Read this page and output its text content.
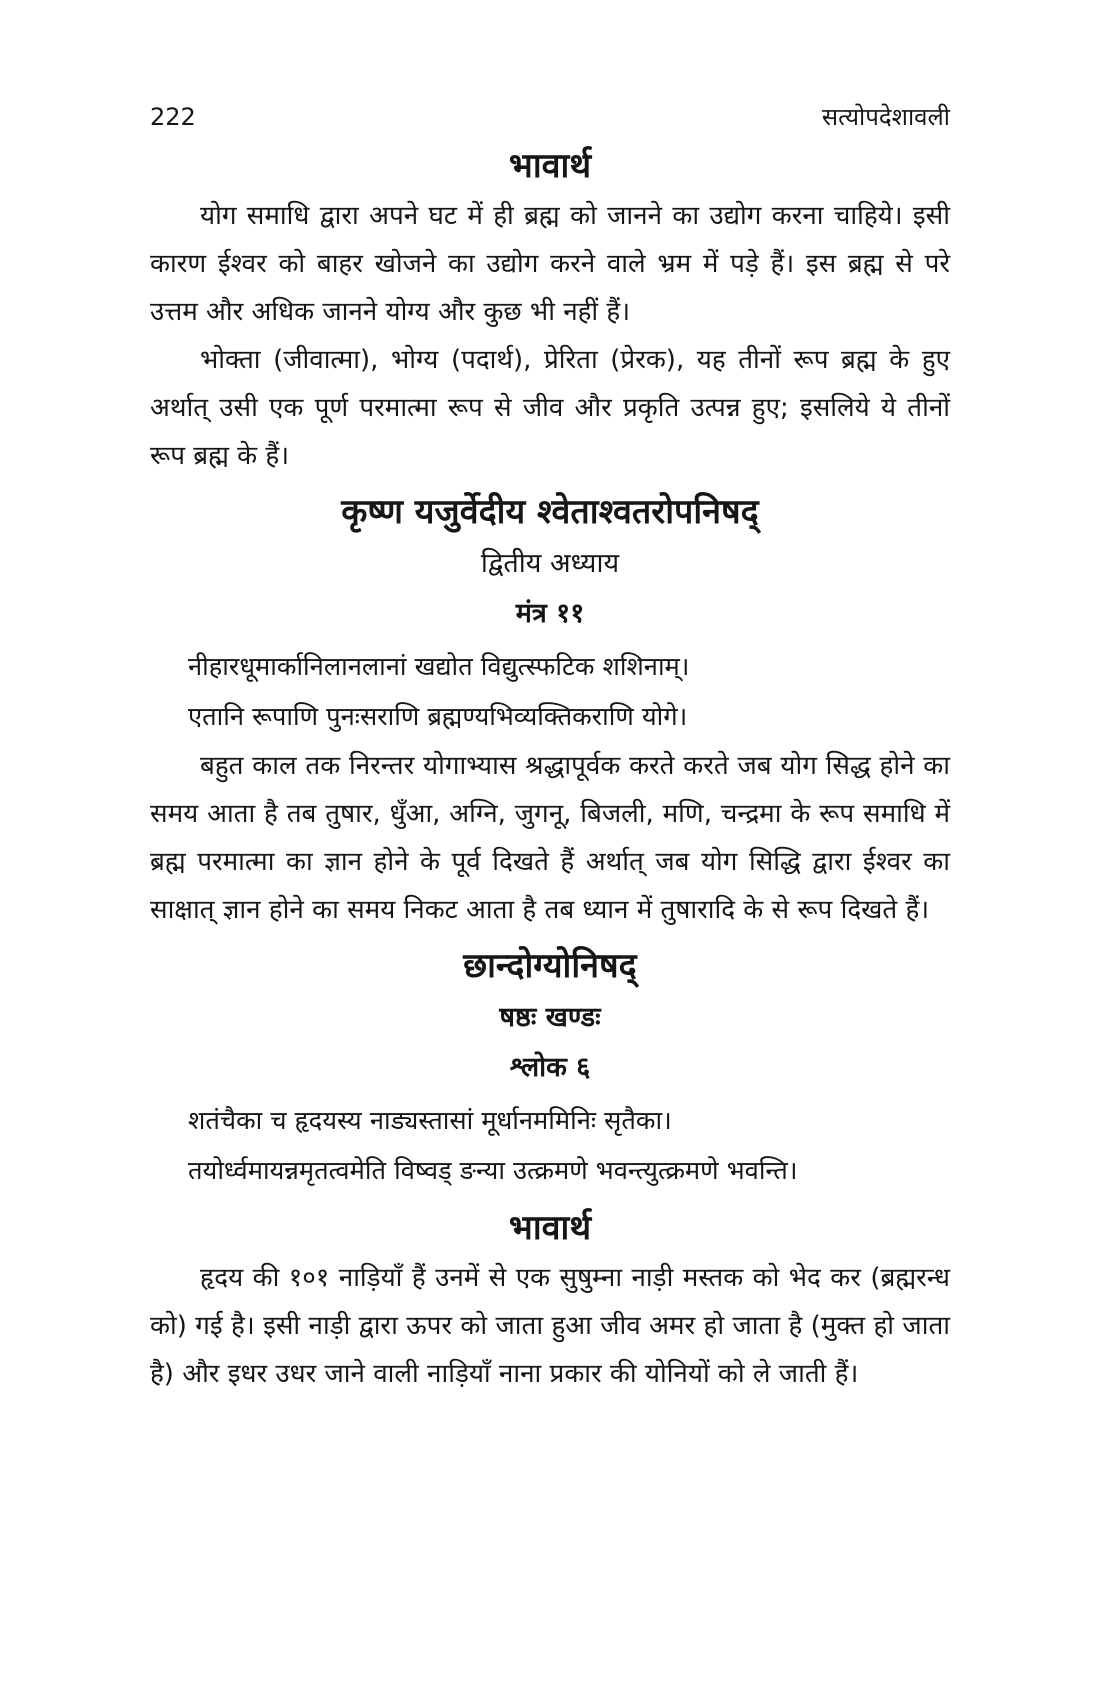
222	सत्योपदेशावली
भावार्थ

योग समाधि द्वारा अपने घट में ही ब्रह्म को जानने का उद्योग करना चाहिये। इसी कारण ईश्वर को बाहर खोजने का उद्योग करने वाले भ्रम में पड़े हैं। इस ब्रह्म से परे उत्तम और अधिक जानने योग्य और कुछ भी नहीं हैं।

भोक्ता (जीवात्मा), भोग्य (पदार्थ), प्रेरिता (प्रेरक), यह तीनों रूप ब्रह्म के हुए अर्थात् उसी एक पूर्ण परमात्मा रूप से जीव और प्रकृति उत्पन्न हुए; इसलिये ये तीनों रूप ब्रह्म के हैं।

कृष्ण यजुर्वेदीय श्वेताश्वतरोपनिषद्
द्वितीय अध्याय
मंत्र ११

नीहारधूमार्कानिलानलानां खद्योत विद्युत्स्फटिक शशिनाम्।

एतानि रूपाणि पुनःसराणि ब्रह्मण्यभिव्यक्तिकराणि योगे।

बहुत काल तक निरन्तर योगाभ्यास श्रद्धापूर्वक करते करते जब योग सिद्ध होने का समय आता है तब तुषार, धुँआ, अग्नि, जुगनू, बिजली, मणि, चन्द्रमा के रूप समाधि में ब्रह्म परमात्मा का ज्ञान होने के पूर्व दिखते हैं अर्थात् जब योग सिद्धि द्वारा ईश्वर का साक्षात् ज्ञान होने का समय निकट आता है तब ध्यान में तुषारादि के से रूप दिखते हैं।

छान्दोग्योनिषद्
षष्ठः खण्डः
श्लोक ६

शतंचैका च हृदयस्य नाड्यस्तासां मूर्धानममिनिः सृतैका।

तयोर्ध्वमायन्नमृतत्वमेति विष्वड् ङन्या उत्क्रमणे भवन्त्युत्क्रमणे भवन्ति।

भावार्थ

हृदय की १०१ नाड़ियाँ हैं उनमें से एक सुषुम्ना नाड़ी मस्तक को भेद कर (ब्रह्मरन्ध को) गई है। इसी नाड़ी द्वारा ऊपर को जाता हुआ जीव अमर हो जाता है (मुक्त हो जाता है) और इधर उधर जाने वाली नाड़ियाँ नाना प्रकार की योनियों को ले जाती हैं।
